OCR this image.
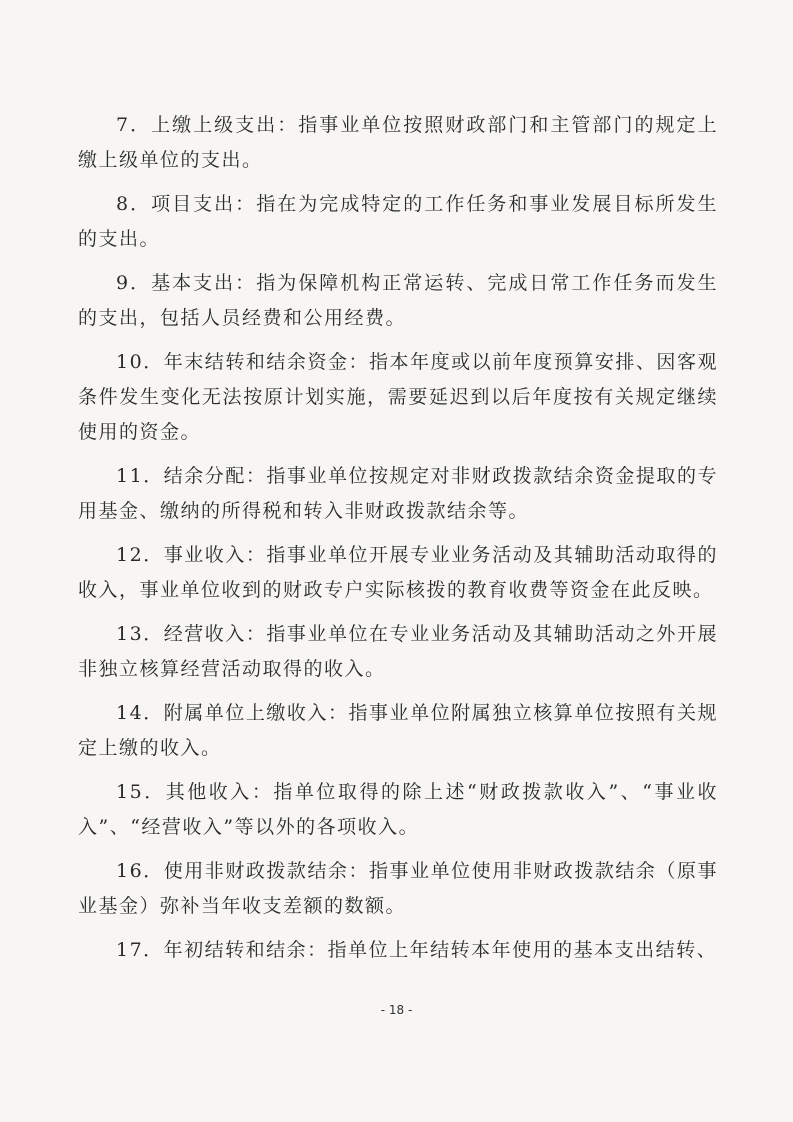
7．上缴上级支出：指事业单位按照财政部门和主管部门的规定上缴上级单位的支出。

8．项目支出：指在为完成特定的工作任务和事业发展目标所发生的支出。

9．基本支出：指为保障机构正常运转、完成日常工作任务而发生的支出，包括人员经费和公用经费。

10．年末结转和结余资金：指本年度或以前年度预算安排、因客观条件发生变化无法按原计划实施，需要延迟到以后年度按有关规定继续使用的资金。

11．结余分配：指事业单位按规定对非财政拨款结余资金提取的专用基金、缴纳的所得税和转入非财政拨款结余等。

12．事业收入：指事业单位开展专业业务活动及其辅助活动取得的收入，事业单位收到的财政专户实际核拨的教育收费等资金在此反映。

13．经营收入：指事业单位在专业业务活动及其辅助活动之外开展非独立核算经营活动取得的收入。

14．附属单位上缴收入：指事业单位附属独立核算单位按照有关规定上缴的收入。

15．其他收入：指单位取得的除上述“财政拨款收入”、“事业收入”、“经营收入”等以外的各项收入。

16．使用非财政拨款结余：指事业单位使用非财政拨款结余（原事业基金）弥补当年收支差额的数额。

17．年初结转和结余：指单位上年结转本年使用的基本支出结转、

- 18 -
